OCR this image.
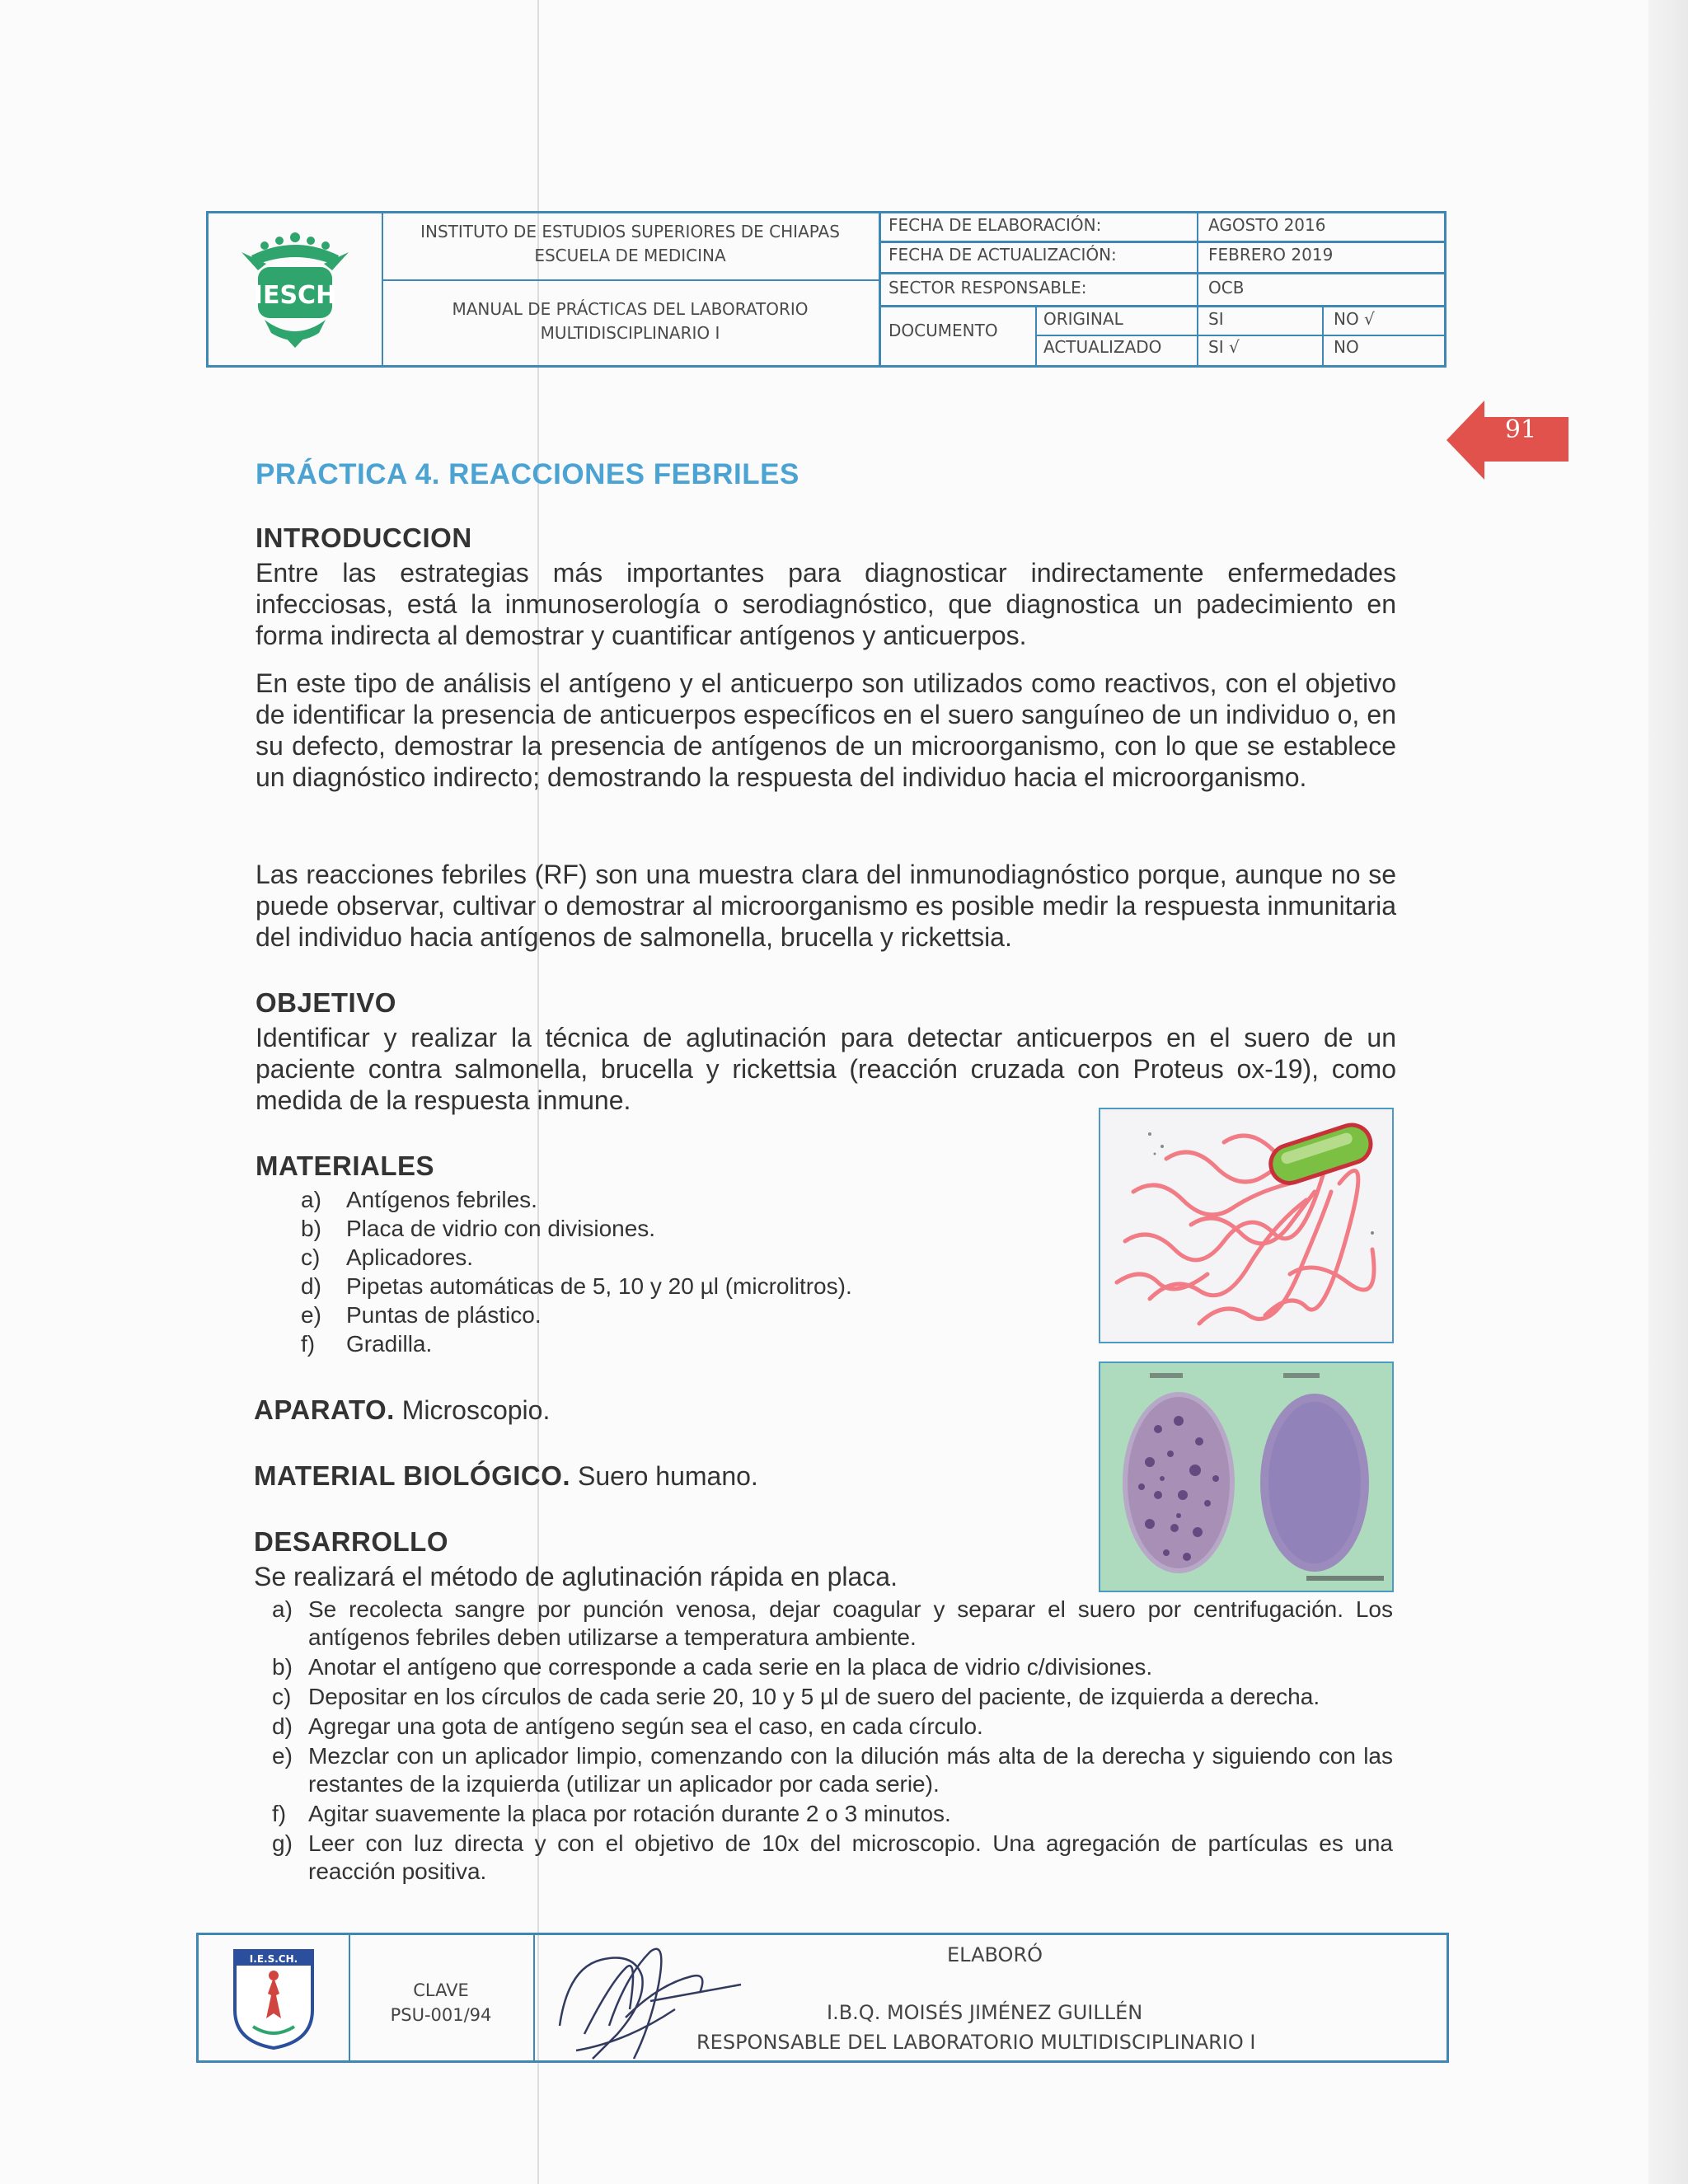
IESCH
INSTITUTO DE ESTUDIOS SUPERIORES DE CHIAPAS
ESCUELA DE MEDICINA
MANUAL DE PRÁCTICAS DEL LABORATORIO
MULTIDISCIPLINARIO I
FECHA DE ELABORACIÓN:	AGOSTO 2016
FECHA DE ACTUALIZACIÓN:	FEBRERO 2019
SECTOR RESPONSABLE:	OCB
DOCUMENTO
ORIGINAL	SI	NO √
ACTUALIZADO	SI √	NO
91
PRÁCTICA 4. REACCIONES FEBRILES
INTRODUCCION
Entre las estrategias más importantes para diagnosticar indirectamente enfermedades infecciosas, está la inmunoserología o serodiagnóstico, que diagnostica un padecimiento en forma indirecta al demostrar y cuantificar antígenos y anticuerpos.
En este tipo de análisis el antígeno y el anticuerpo son utilizados como reactivos, con el objetivo de identificar la presencia de anticuerpos específicos en el suero sanguíneo de un individuo o, en su defecto, demostrar la presencia de antígenos de un microorganismo, con lo que se establece un diagnóstico indirecto; demostrando la respuesta del individuo hacia el microorganismo.
Las reacciones febriles (RF) son una muestra clara del inmunodiagnóstico porque, aunque no se puede observar, cultivar o demostrar al microorganismo es posible medir la respuesta inmunitaria del individuo hacia antígenos de salmonella, brucella y rickettsia.
OBJETIVO
Identificar y realizar la técnica de aglutinación para detectar anticuerpos en el suero de un paciente contra salmonella, brucella y rickettsia (reacción cruzada con Proteus ox-19), como medida de la respuesta inmune.
MATERIALES
a) Antígenos febriles.
b) Placa de vidrio con divisiones.
c) Aplicadores.
d) Pipetas automáticas de 5, 10 y 20 µl (microlitros).
e) Puntas de plástico.
f) Gradilla.
APARATO. Microscopio.
MATERIAL BIOLÓGICO. Suero humano.
DESARROLLO
Se realizará el método de aglutinación rápida en placa.
a) Se recolecta sangre por punción venosa, dejar coagular y separar el suero por centrifugación. Los antígenos febriles deben utilizarse a temperatura ambiente.
b) Anotar el antígeno que corresponde a cada serie en la placa de vidrio c/divisiones.
c) Depositar en los círculos de cada serie 20, 10 y 5 µl de suero del paciente, de izquierda a derecha.
d) Agregar una gota de antígeno según sea el caso, en cada círculo.
e) Mezclar con un aplicador limpio, comenzando con la dilución más alta de la derecha y siguiendo con las restantes de la izquierda (utilizar un aplicador por cada serie).
f) Agitar suavemente la placa por rotación durante 2 o 3 minutos.
g) Leer con luz directa y con el objetivo de 10x del microscopio. Una agregación de partículas es una reacción positiva.
I.E.S.CH.
CLAVE
PSU-001/94
ELABORÓ
I.B.Q. MOISÉS JIMÉNEZ GUILLÉN
RESPONSABLE DEL LABORATORIO MULTIDISCIPLINARIO I
